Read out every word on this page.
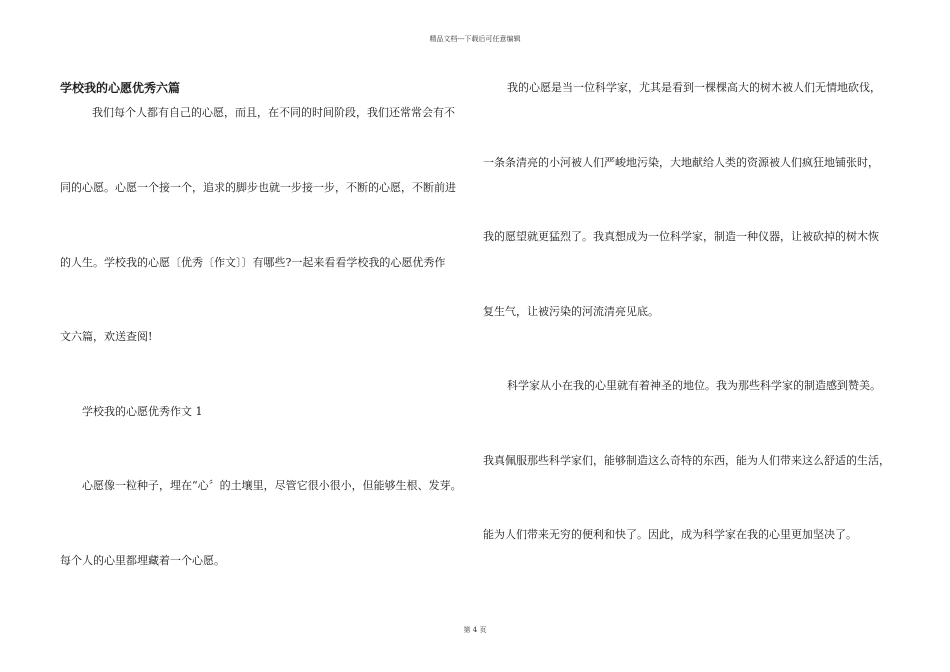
精品文档---下载后可任意编辑
学校我的心愿优秀六篇
我们每个人都有自己的心愿，而且，在不同的时间阶段，我们还常常会有不
同的心愿。心愿一个接一个，追求的脚步也就一步接一步，不断的心愿，不断前进
的人生。学校我的心愿〔优秀〔作文〕〕有哪些?一起来看看学校我的心愿优秀作
文六篇，欢送查阅!
学校我的心愿优秀作文 1
心愿像一粒种子，埋在“心〞的土壤里，尽管它很小很小，但能够生根、发芽。
每个人的心里都埋藏着一个心愿。
我的心愿是当一位科学家，尤其是看到一棵棵高大的树木被人们无情地砍伐，
一条条清亮的小河被人们严峻地污染，大地献给人类的资源被人们疯狂地铺张时，
我的愿望就更猛烈了。我真想成为一位科学家，制造一种仪器，让被砍掉的树木恢
复生气，让被污染的河流清亮见底。
科学家从小在我的心里就有着神圣的地位。我为那些科学家的制造感到赞美。
我真佩服那些科学家们，能够制造这么奇特的东西，能为人们带来这么舒适的生活，
能为人们带来无穷的便利和快了。因此，成为科学家在我的心里更加坚决了。
第 4 页
